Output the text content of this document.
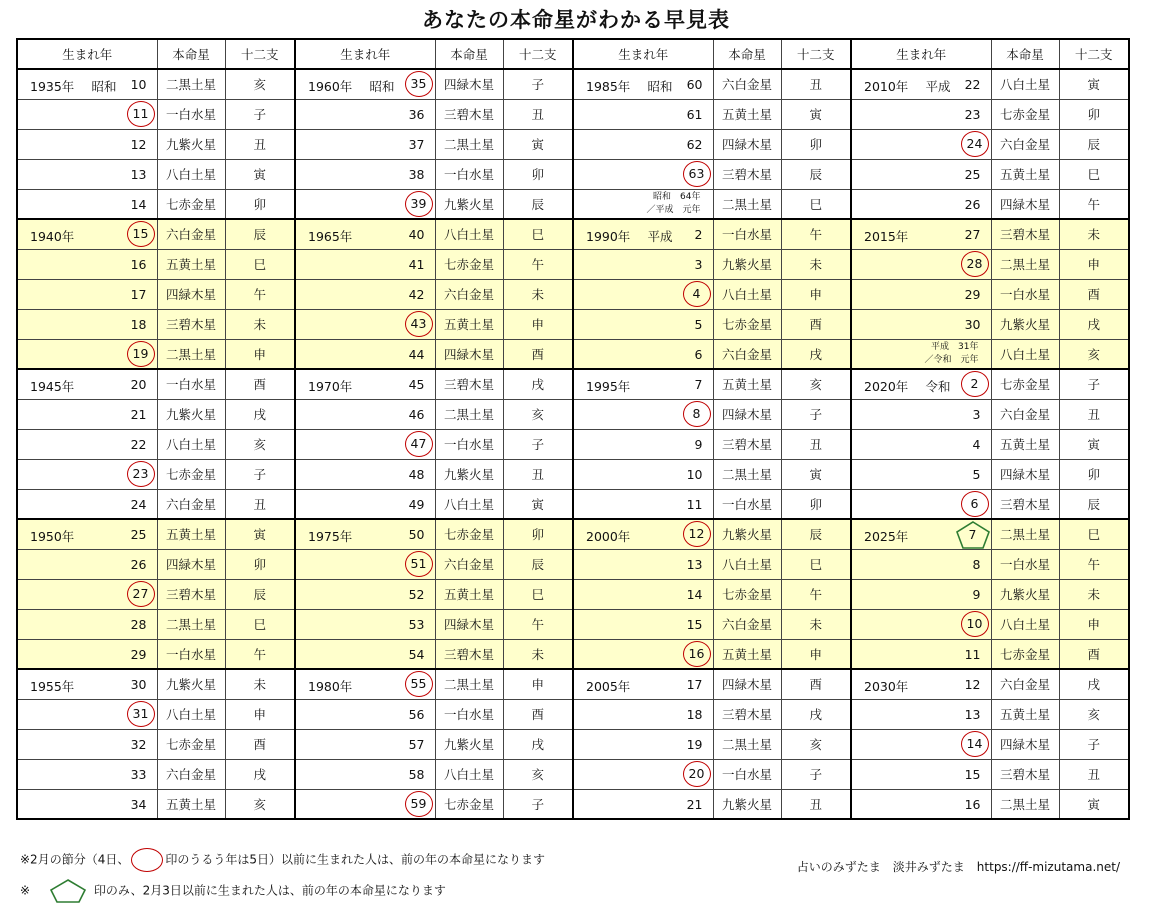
あなたの本命星がわかる早見表
生まれ年	本命星	十二支	生まれ年	本命星	十二支	生まれ年	本命星	十二支	生まれ年	本命星	十二支

1935年 昭和 10	二黒土星	亥	1960年 昭和 35	四緑木星	子	1985年 昭和 60	六白金星	丑	2010年 平成 22	八白土星	寅

11	一白水星	子	36	三碧木星	丑	61	五黄土星	寅	23	七赤金星	卯

12	九紫火星	丑	37	二黒土星	寅	62	四緑木星	卯	24	六白金星	辰

13	八白土星	寅	38	一白水星	卯	63	三碧木星	辰	25	五黄土星	巳

14	七赤金星	卯	39	九紫火星	辰	昭和　64年
／平成　元年	二黒土星	巳	26	四緑木星	午

1940年 15	六白金星	辰	1965年 40	八白土星	巳	1990年 平成 2	一白水星	午	2015年 27	三碧木星	未

16	五黄土星	巳	41	七赤金星	午	3	九紫火星	未	28	二黒土星	申

17	四緑木星	午	42	六白金星	未	4	八白土星	申	29	一白水星	酉

18	三碧木星	未	43	五黄土星	申	5	七赤金星	酉	30	九紫火星	戌

19	二黒土星	申	44	四緑木星	酉	6	六白金星	戌	平成　31年
／令和　元年	八白土星	亥

1945年 20	一白水星	酉	1970年 45	三碧木星	戌	1995年 7	五黄土星	亥	2020年 令和 2	七赤金星	子

21	九紫火星	戌	46	二黒土星	亥	8	四緑木星	子	3	六白金星	丑

22	八白土星	亥	47	一白水星	子	9	三碧木星	丑	4	五黄土星	寅

23	七赤金星	子	48	九紫火星	丑	10	二黒土星	寅	5	四緑木星	卯

24	六白金星	丑	49	八白土星	寅	11	一白水星	卯	6	三碧木星	辰

1950年 25	五黄土星	寅	1975年 50	七赤金星	卯	2000年 12	九紫火星	辰	2025年 7	二黒土星	巳

26	四緑木星	卯	51	六白金星	辰	13	八白土星	巳	8	一白水星	午

27	三碧木星	辰	52	五黄土星	巳	14	七赤金星	午	9	九紫火星	未

28	二黒土星	巳	53	四緑木星	午	15	六白金星	未	10	八白土星	申

29	一白水星	午	54	三碧木星	未	16	五黄土星	申	11	七赤金星	酉

1955年 30	九紫火星	未	1980年 55	二黒土星	申	2005年 17	四緑木星	酉	2030年 12	六白金星	戌

31	八白土星	申	56	一白水星	酉	18	三碧木星	戌	13	五黄土星	亥

32	七赤金星	酉	57	九紫火星	戌	19	二黒土星	亥	14	四緑木星	子

33	六白金星	戌	58	八白土星	亥	20	一白水星	子	15	三碧木星	丑

34	五黄土星	亥	59	七赤金星	子	21	九紫火星	丑	16	二黒土星	寅
※2月の節分（4日、	印のうるう年は5日）以前に生まれた人は、前の年の本命星になります
※	印のみ、2月3日以前に生まれた人は、前の年の本命星になります
占いのみずたま　淡井みずたま　https://ff-mizutama.net/
